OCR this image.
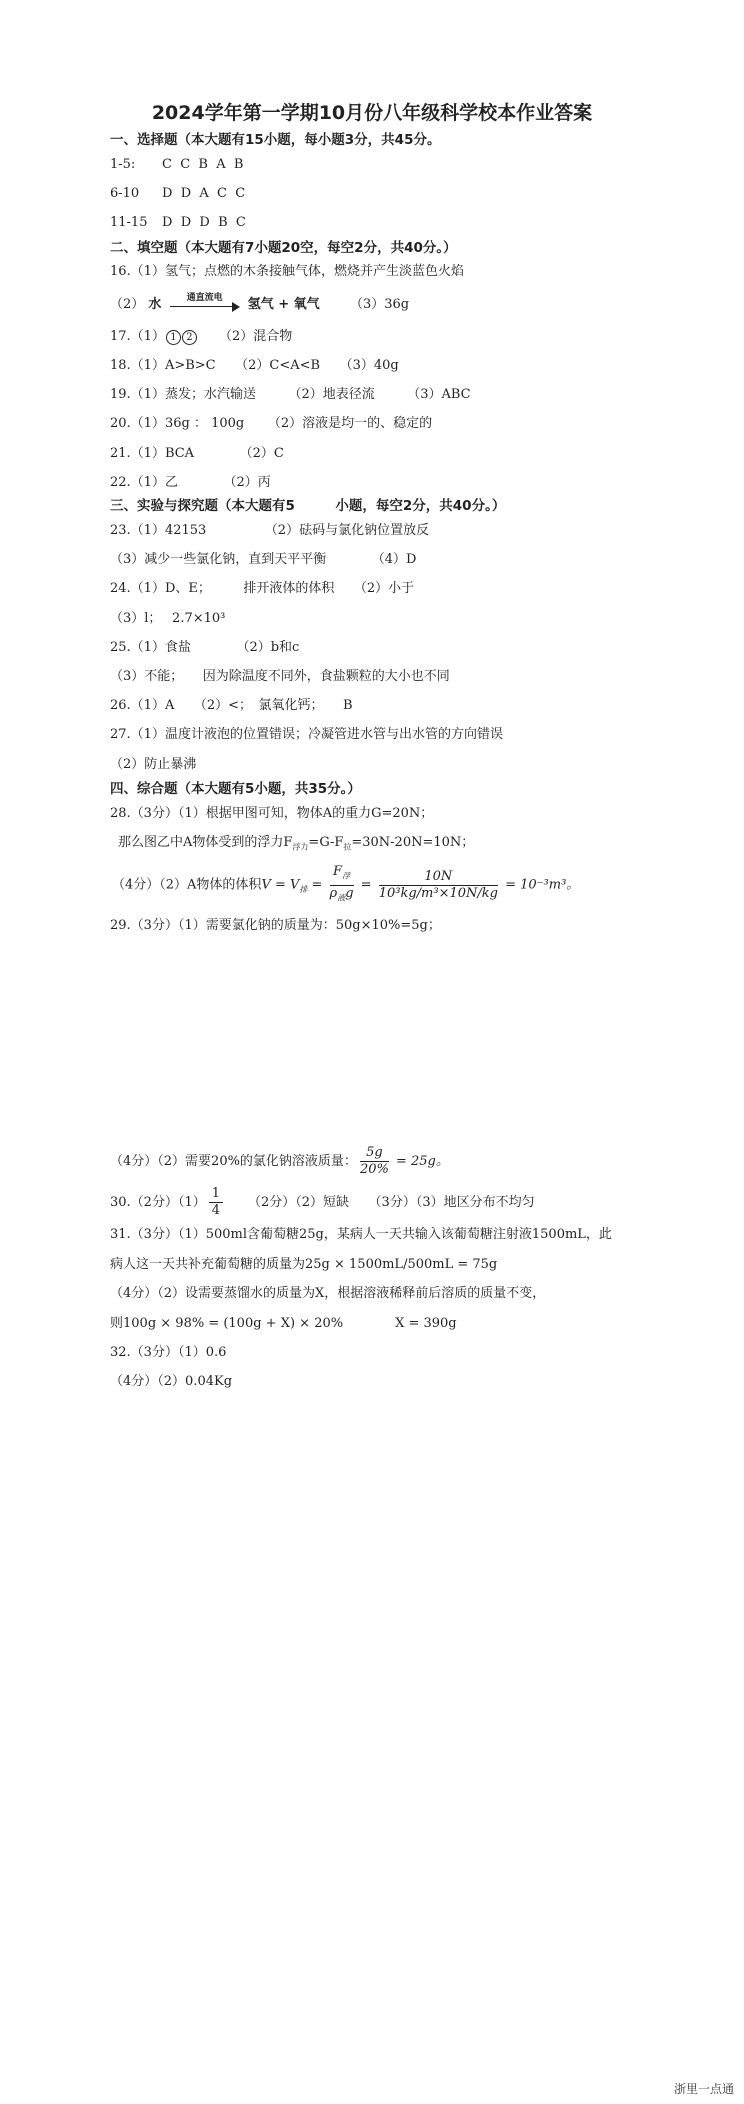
2024学年第一学期10月份八年级科学校本作业答案
一、选择题（本大题有15小题，每小题3分，共45分。
1-5: C  C  B  A  B
6-10 D  D  A  C  C
11-15 D  D  D  B  C
二、填空题（本大题有7小题20空，每空2分，共40分。）
16.（1）氢气；点燃的木条接触气体，燃烧并产生淡蓝色火焰
（2） 水	通直流电	氢气 + 氧气 （3）36g
17.（1） 1 2 （2）混合物
18.（1）A>B>C　　（2）C<A<B　　（3）40g
19.（1）蒸发；水汽输送　　　（2）地表径流　　　（3）ABC
20.（1）36g ： 100g 　　（2）溶液是均一的、稳定的
21.（1）BCA　　　　（2）C
22.（1）乙　　　　（2）丙
三、实验与探究题（本大题有5　　　小题，每空2分，共40分。）
23.（1）42153　　　　　（2）砝码与氯化钠位置放反
（3）减少一些氯化钠，直到天平平衡　　　　（4）D
24.（1）D、E；　　　排开液体的体积　　（2）小于
（3）l；　 2.7×10³
25.（1）食盐　　　　（2）b和c
（3）不能；　　因为除温度不同外，食盐颗粒的大小也不同
26.（1）A　　（2）<；　氯氧化钙；　　B
27.（1）温度计液泡的位置错误；冷凝管进水管与出水管的方向错误
（2）防止暴沸
四、综合题（本大题有5小题，共35分。）
28.（3分）（1）根据甲图可知，物体A的重力G=20N；
那么图乙中A物体受到的浮力$F_{浮力}=G-F_拉=30N-20N=10N$；
（4分）（2）A物体的体积$V = V_排 = \frac{F_浮}{\rho_液g} = \frac{10N}{\text{10³kg/m³×10N/kg}} = 10^{-3}m^3$。
29.（3分）（1）需要氯化钠的质量为：50g×10%=5g；
（4分）（2）需要20%的氯化钠溶液质量： $\frac{5g}{20\%} = 25g$。
30.（2分）$(1) \frac{1}{4} (2$分）（2）短缺　　（3分）（3）地区分布不均匀
31.（3分）（1）500ml含葡萄糖25g，某病人一天共输入该葡萄糖注射液1500mL，此
病人这一天共补充葡萄糖的质量为25g × 1500mL/500mL = 75g
（4分）（2）设需要蒸馏水的质量为X，根据溶液稀释前后溶质的质量不变，
则100g × 98% = (100g + X) × 20%　　　　X = 390g
32.（3分）（1）0.6
（4分）（2）0.04Kg
浙里一点通
